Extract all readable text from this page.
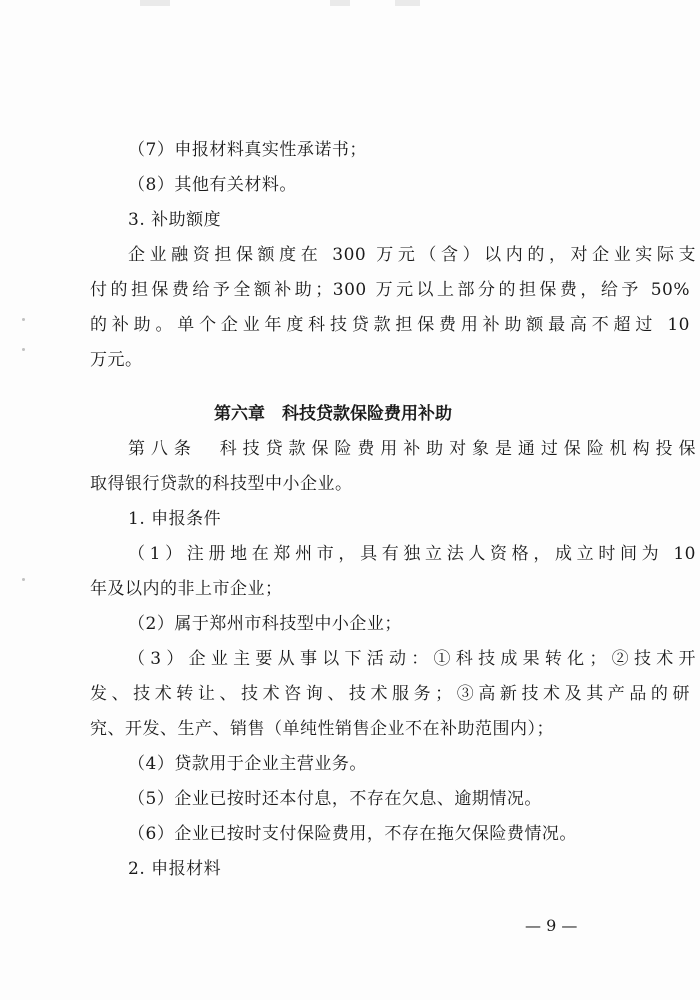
（7）申报材料真实性承诺书；
（8）其他有关材料。
3. 补助额度
企业融资担保额度在 300 万元（含）以内的，对企业实际支
付的担保费给予全额补助；300 万元以上部分的担保费，给予 50%
的补助。单个企业年度科技贷款担保费用补助额最高不超过 10
万元。
第六章　科技贷款保险费用补助
第八条　科技贷款保险费用补助对象是通过保险机构投保
取得银行贷款的科技型中小企业。
1. 申报条件
（1）注册地在郑州市，具有独立法人资格，成立时间为 10
年及以内的非上市企业；
（2）属于郑州市科技型中小企业；
（3）企业主要从事以下活动：①科技成果转化；②技术开
发、技术转让、技术咨询、技术服务；③高新技术及其产品的研
究、开发、生产、销售（单纯性销售企业不在补助范围内）；
（4）贷款用于企业主营业务。
（5）企业已按时还本付息，不存在欠息、逾期情况。
（6）企业已按时支付保险费用，不存在拖欠保险费情况。
2. 申报材料
— 9 —
